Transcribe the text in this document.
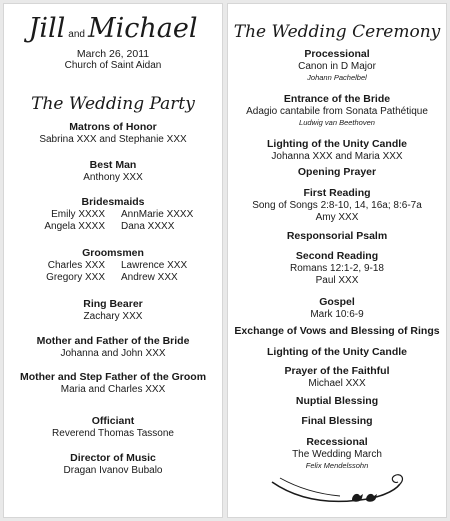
Jill and Michael
March 26, 2011
Church of Saint Aidan
The Wedding Party
Matrons of Honor
Sabrina XXX and Stephanie XXX
Best Man
Anthony XXX
Bridesmaids
Emily XXXX AnnMarie XXXX
Angela XXXX Dana XXXX
Groomsmen
Charles XXX Lawrence XXX
Gregory XXX Andrew XXX
Ring Bearer
Zachary XXX
Mother and Father of the Bride
Johanna and John XXX
Mother and Step Father of the Groom
Maria and Charles XXX
Officiant
Reverend Thomas Tassone
Director of Music
Dragan Ivanov Bubalo
The Wedding Ceremony
Processional
Canon in D Major
Johann Pachelbel
Entrance of the Bride
Adagio cantabile from Sonata Pathétique
Ludwig van Beethoven
Lighting of the Unity Candle
Johanna XXX and Maria XXX
Opening Prayer
First Reading
Song of Songs 2:8-10, 14, 16a; 8:6-7a
Amy XXX
Responsorial Psalm
Second Reading
Romans 12:1-2, 9-18
Paul XXX
Gospel
Mark 10:6-9
Exchange of Vows and Blessing of Rings
Lighting of the Unity Candle
Prayer of the Faithful
Michael XXX
Nuptial Blessing
Final Blessing
Recessional
The Wedding March
Felix Mendelssohn
